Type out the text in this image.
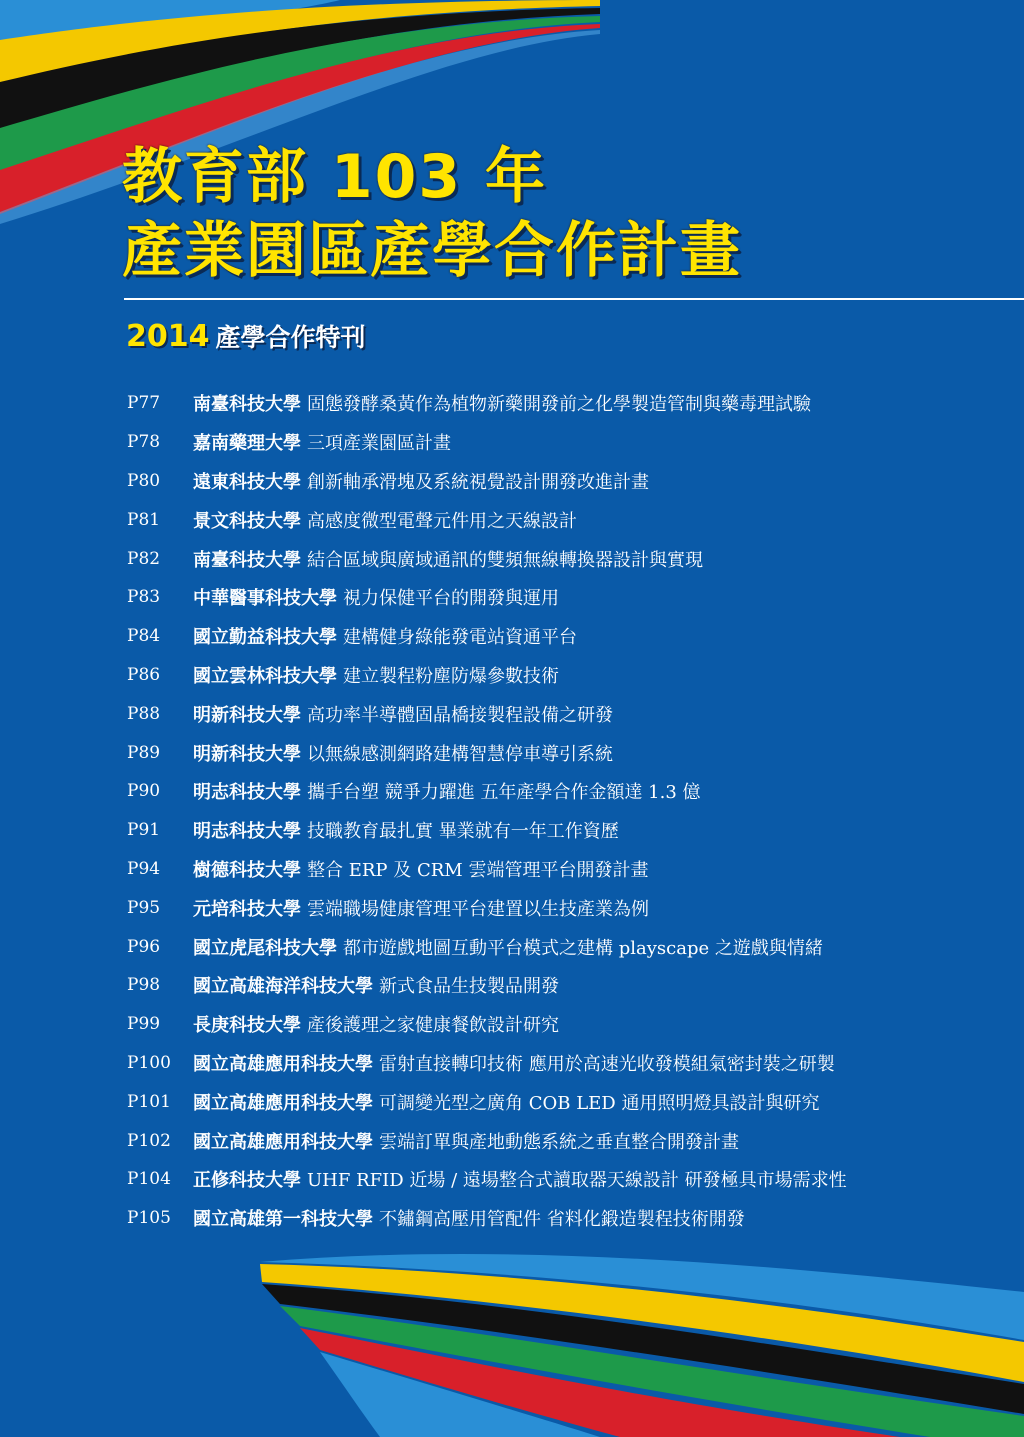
教育部 103 年
產業園區產學合作計畫
2014 產學合作特刊
P77	南臺科技大學 固態發酵桑黃作為植物新藥開發前之化學製造管制與藥毒理試驗
P78	嘉南藥理大學 三項產業園區計畫
P80	遠東科技大學 創新軸承滑塊及系統視覺設計開發改進計畫
P81	景文科技大學 高感度微型電聲元件用之天線設計
P82	南臺科技大學 結合區域與廣域通訊的雙頻無線轉換器設計與實現
P83	中華醫事科技大學 視力保健平台的開發與運用
P84	國立勤益科技大學 建構健身綠能發電站資通平台
P86	國立雲林科技大學 建立製程粉塵防爆參數技術
P88	明新科技大學 高功率半導體固晶橋接製程設備之研發
P89	明新科技大學 以無線感測網路建構智慧停車導引系統
P90	明志科技大學 攜手台塑 競爭力躍進 五年產學合作金額達 1.3 億
P91	明志科技大學 技職教育最扎實 畢業就有一年工作資歷
P94	樹德科技大學 整合 ERP 及 CRM 雲端管理平台開發計畫
P95	元培科技大學 雲端職場健康管理平台建置以生技產業為例
P96	國立虎尾科技大學 都市遊戲地圖互動平台模式之建構 playscape 之遊戲與情緒
P98	國立高雄海洋科技大學 新式食品生技製品開發
P99	長庚科技大學 產後護理之家健康餐飲設計研究
P100	國立高雄應用科技大學 雷射直接轉印技術 應用於高速光收發模組氣密封裝之研製
P101	國立高雄應用科技大學 可調變光型之廣角 COB LED 通用照明燈具設計與研究
P102	國立高雄應用科技大學 雲端訂單與產地動態系統之垂直整合開發計畫
P104	正修科技大學 UHF RFID 近場 / 遠場整合式讀取器天線設計 研發極具市場需求性
P105	國立高雄第一科技大學 不鏽鋼高壓用管配件 省料化鍛造製程技術開發
